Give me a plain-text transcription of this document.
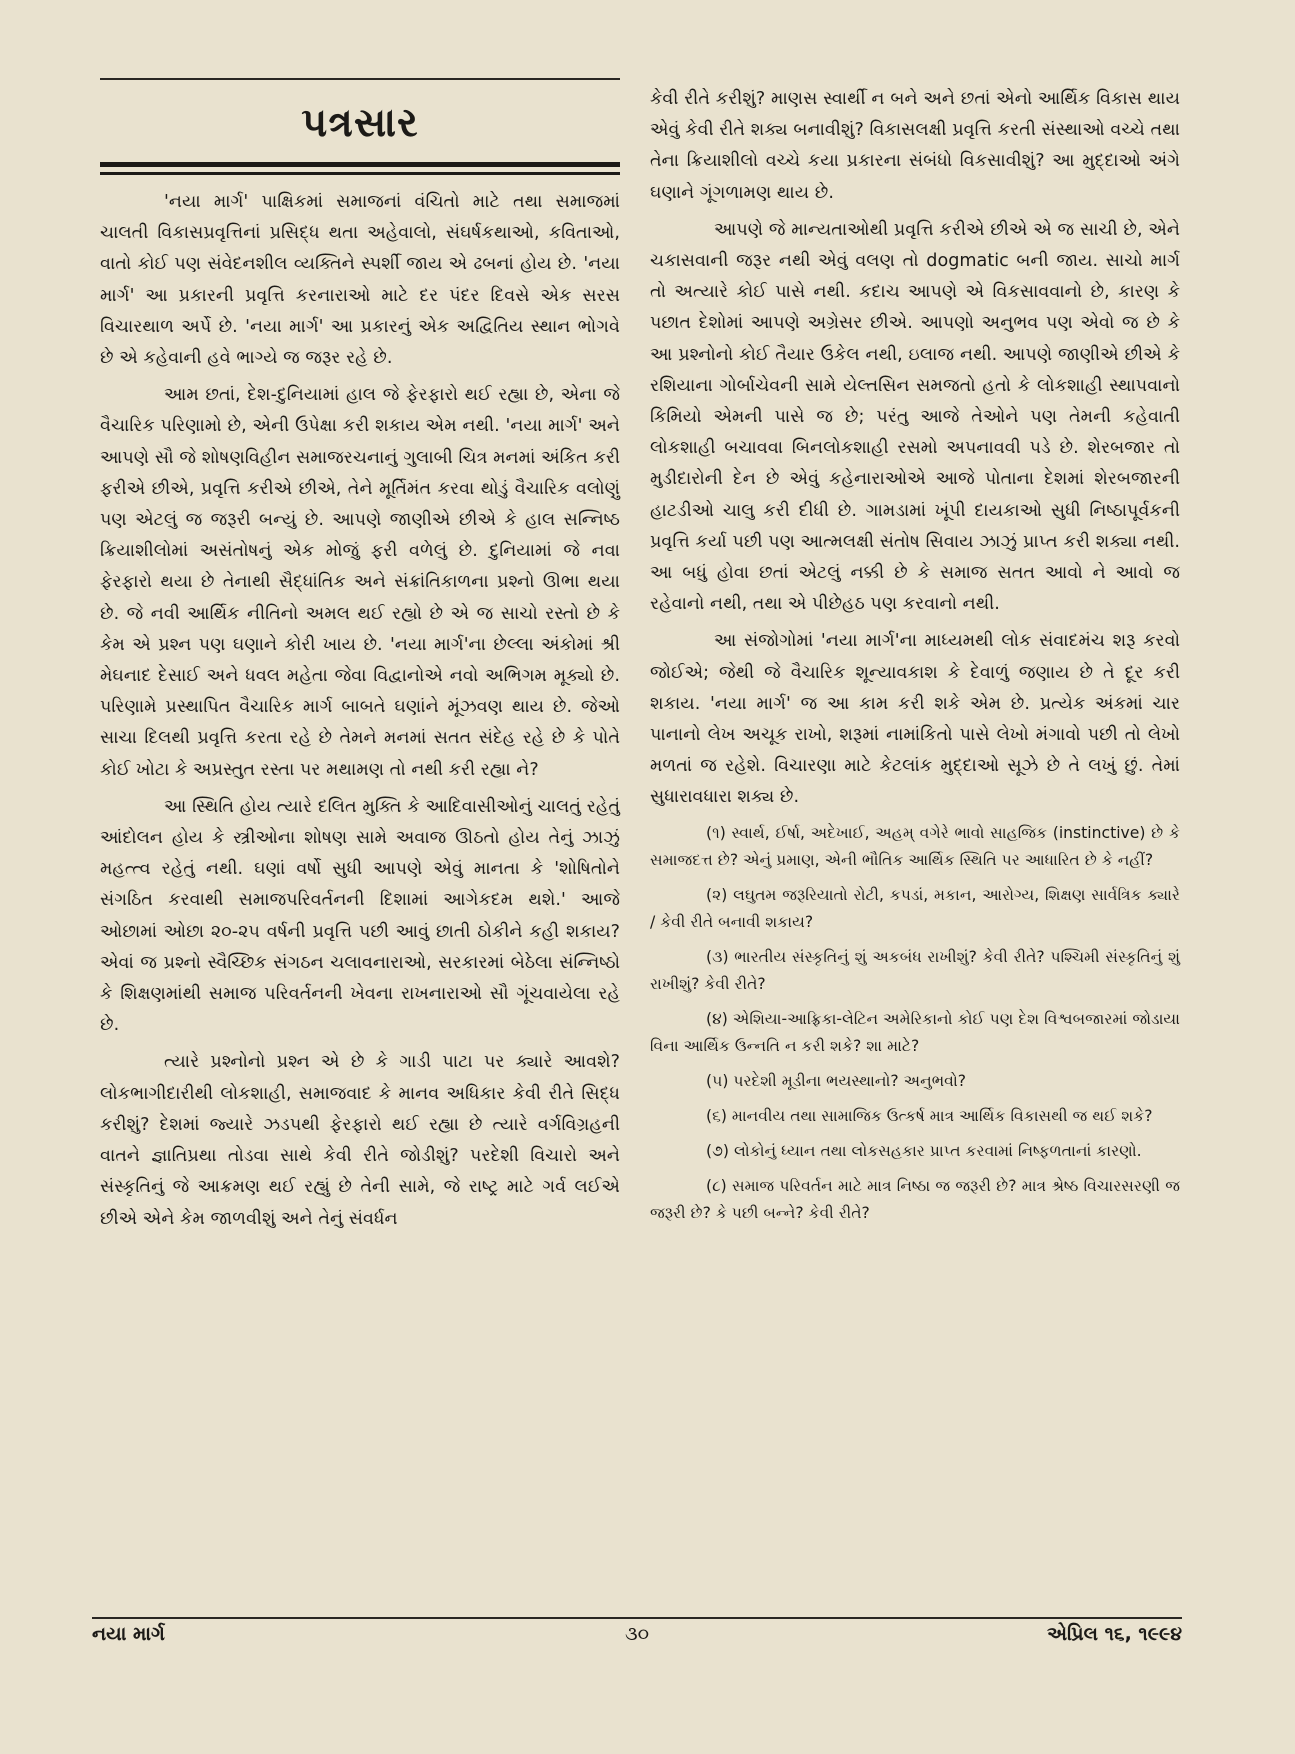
પત્રસાર

'નયા માર્ગ' પાક્ષિકમાં સમાજનાં વંચિતો માટે તથા સમાજમાં ચાલતી વિકાસપ્રવૃત્તિનાં પ્રસિદ્ધ થતા અહેવાલો, સંઘર્ષકથાઓ, કવિતાઓ, વાતો કોઈ પણ સંવેદનશીલ વ્યક્તિને સ્પર્શી જાય એ ઢબનાં હોય છે. 'નયા માર્ગ' આ પ્રકારની પ્રવૃત્તિ કરનારાઓ માટે દર પંદર દિવસે એક સરસ વિચારથાળ અર્પે છે. 'નયા માર્ગ' આ પ્રકારનું એક અદ્વિતિય સ્થાન ભોગવે છે એ કહેવાની હવે ભાગ્યે જ જરૂર રહે છે.

આમ છતાં, દેશ-દુનિયામાં હાલ જે ફેરફારો થઈ રહ્યા છે, એના જે વૈચારિક પરિણામો છે, એની ઉપેક્ષા કરી શકાય એમ નથી. 'નયા માર્ગ' અને આપણે સૌ જે શોષણવિહીન સમાજરચનાનું ગુલાબી ચિત્ર મનમાં અંકિત કરી ફરીએ છીએ, પ્રવૃત્તિ કરીએ છીએ, તેને મૂર્તિમંત કરવા થોડું વૈચારિક વલોણું પણ એટલું જ જરૂરી બન્યું છે. આપણે જાણીએ છીએ કે હાલ સન્નિષ્ઠ ક્રિયાશીલોમાં અસંતોષનું એક મોજું ફરી વળેલું છે. દુનિયામાં જે નવા ફેરફારો થયા છે તેનાથી સૈદ્ધાંતિક અને સંક્રાંતિકાળના પ્રશ્નો ઊભા થયા છે. જે નવી આર્થિક નીતિનો અમલ થઈ રહ્યો છે એ જ સાચો રસ્તો છે કે કેમ એ પ્રશ્ન પણ ઘણાને કોરી ખાય છે. 'નયા માર્ગ'ના છેલ્લા અંકોમાં શ્રી મેઘનાદ દેસાઈ અને ધવલ મહેતા જેવા વિદ્વાનોએ નવો અભિગમ મૂક્યો છે. પરિણામે પ્રસ્થાપિત વૈચારિક માર્ગ બાબતે ઘણાંને મૂંઝવણ થાય છે. જેઓ સાચા દિલથી પ્રવૃત્તિ કરતા રહે છે તેમને મનમાં સતત સંદેહ રહે છે કે પોતે કોઈ ખોટા કે અપ્રસ્તુત રસ્તા પર મથામણ તો નથી કરી રહ્યા ને?

આ સ્થિતિ હોય ત્યારે દલિત મુક્તિ કે આદિવાસીઓનું ચાલતું રહેતું આંદોલન હોય કે સ્ત્રીઓના શોષણ સામે અવાજ ઊઠતો હોય તેનું ઝાઝું મહત્ત્વ રહેતું નથી. ઘણાં વર્ષો સુધી આપણે એવું માનતા કે 'શોષિતોને સંગઠિત કરવાથી સમાજપરિવર્તનની દિશામાં આગેકદમ થશે.' આજે ઓછામાં ઓછા ૨૦-૨૫ વર્ષની પ્રવૃત્તિ પછી આવું છાતી ઠોકીને કહી શકાય? એવાં જ પ્રશ્નો સ્વૈચ્છિક સંગઠન ચલાવનારાઓ, સરકારમાં બેઠેલા સંન્નિષ્ઠો કે શિક્ષણમાંથી સમાજ પરિવર્તનની ખેવના રાખનારાઓ સૌ ગૂંચવાયેલા રહે છે.

ત્યારે પ્રશ્નોનો પ્રશ્ન એ છે કે ગાડી પાટા પર ક્યારે આવશે? લોકભાગીદારીથી લોકશાહી, સમાજવાદ કે માનવ અધિકાર કેવી રીતે સિદ્ધ કરીશું? દેશમાં જ્યારે ઝડપથી ફેરફારો થઈ રહ્યા છે ત્યારે વર્ગવિગ્રહની વાતને જ્ઞાતિપ્રથા તોડવા સાથે કેવી રીતે જોડીશું? પરદેશી વિચારો અને સંસ્કૃતિનું જે આક્રમણ થઈ રહ્યું છે તેની સામે, જે રાષ્ટ્ર માટે ગર્વ લઈએ છીએ એને કેમ જાળવીશું અને તેનું સંવર્ધન

કેવી રીતે કરીશું? માણસ સ્વાર્થી ન બને અને છતાં એનો આર્થિક વિકાસ થાય એવું કેવી રીતે શક્ય બનાવીશું? વિકાસલક્ષી પ્રવૃત્તિ કરતી સંસ્થાઓ વચ્ચે તથા તેના ક્રિયાશીલો વચ્ચે કયા પ્રકારના સંબંધો વિકસાવીશું? આ મુદ્દાઓ અંગે ઘણાને ગૂંગળામણ થાય છે.

આપણે જે માન્યતાઓથી પ્રવૃત્તિ કરીએ છીએ એ જ સાચી છે, એને ચકાસવાની જરૂર નથી એવું વલણ તો dogmatic બની જાય. સાચો માર્ગ તો અત્યારે કોઈ પાસે નથી. કદાચ આપણે એ વિકસાવવાનો છે, કારણ કે પછાત દેશોમાં આપણે અગ્રેસર છીએ. આપણો અનુભવ પણ એવો જ છે કે આ પ્રશ્નોનો કોઈ તૈયાર ઉકેલ નથી, ઇલાજ નથી. આપણે જાણીએ છીએ કે રશિયાના ગોર્બાચેવની સામે યેલ્તસિન સમજતો હતો કે લોકશાહી સ્થાપવાનો કિમિયો એમની પાસે જ છે; પરંતુ આજે તેઓને પણ તેમની કહેવાતી લોકશાહી બચાવવા બિનલોકશાહી રસમો અપનાવવી પડે છે. શેરબજાર તો મુડીદારોની દેન છે એવું કહેનારાઓએ આજે પોતાના દેશમાં શેરબજારની હાટડીઓ ચાલુ કરી દીધી છે. ગામડામાં ખૂંપી દાયકાઓ સુધી નિષ્ઠાપૂર્વકની પ્રવૃત્તિ કર્યા પછી પણ આત્મલક્ષી સંતોષ સિવાય ઝાઝું પ્રાપ્ત કરી શક્યા નથી. આ બધું હોવા છતાં એટલું નક્કી છે કે સમાજ સતત આવો ને આવો જ રહેવાનો નથી, તથા એ પીછેહઠ પણ કરવાનો નથી.

આ સંજોગોમાં 'નયા માર્ગ'ના માધ્યમથી લોક સંવાદમંચ શરૂ કરવો જોઈએ; જેથી જે વૈચારિક શૂન્યાવકાશ કે દેવાળું જણાય છે તે દૂર કરી શકાય. 'નયા માર્ગ' જ આ કામ કરી શકે એમ છે. પ્રત્યેક અંકમાં ચાર પાનાનો લેખ અચૂક રાખો, શરૂમાં નામાંકિતો પાસે લેખો મંગાવો પછી તો લેખો મળતાં જ રહેશે. વિચારણા માટે કેટલાંક મુદ્દાઓ સૂઝે છે તે લખું છું. તેમાં સુધારાવધારા શક્ય છે.

(૧) સ્વાર્થ, ઈર્ષા, અદેખાઈ, અહમ્ વગેરે ભાવો સાહજિક (instinctive) છે કે સમાજદત્ત છે? એનું પ્રમાણ, એની ભૌતિક આર્થિક સ્થિતિ પર આધારિત છે કે નહીં?

(૨) લઘુતમ જરૂરિયાતો રોટી, કપડાં, મકાન, આરોગ્ય, શિક્ષણ સાર્વત્રિક ક્યારે / કેવી રીતે બનાવી શકાય?

(૩) ભારતીય સંસ્કૃતિનું શું અકબંધ રાખીશું? કેવી રીતે? પશ્ચિમી સંસ્કૃતિનું શું રાખીશું? કેવી રીતે?

(૪) એશિયા-આફ્રિકા-લેટિન અમેરિકાનો કોઈ પણ દેશ વિશ્વબજારમાં જોડાયા વિના આર્થિક ઉન્નતિ ન કરી શકે? શા માટે?

(૫) પરદેશી મૂડીના ભયસ્થાનો? અનુભવો?

(૬) માનવીય તથા સામાજિક ઉત્કર્ષ માત્ર આર્થિક વિકાસથી જ થઈ શકે?

(૭) લોકોનું ધ્યાન તથા લોકસહકાર પ્રાપ્ત કરવામાં નિષ્ફળતાનાં કારણો.

(૮) સમાજ પરિવર્તન માટે માત્ર નિષ્ઠા જ જરૂરી છે? માત્ર શ્રેષ્ઠ વિચારસરણી જ જરૂરી છે? કે પછી બન્ને? કેવી રીતે?

નયા માર્ગ	૩૦	એપ્રિલ ૧૬, ૧૯૯૪
